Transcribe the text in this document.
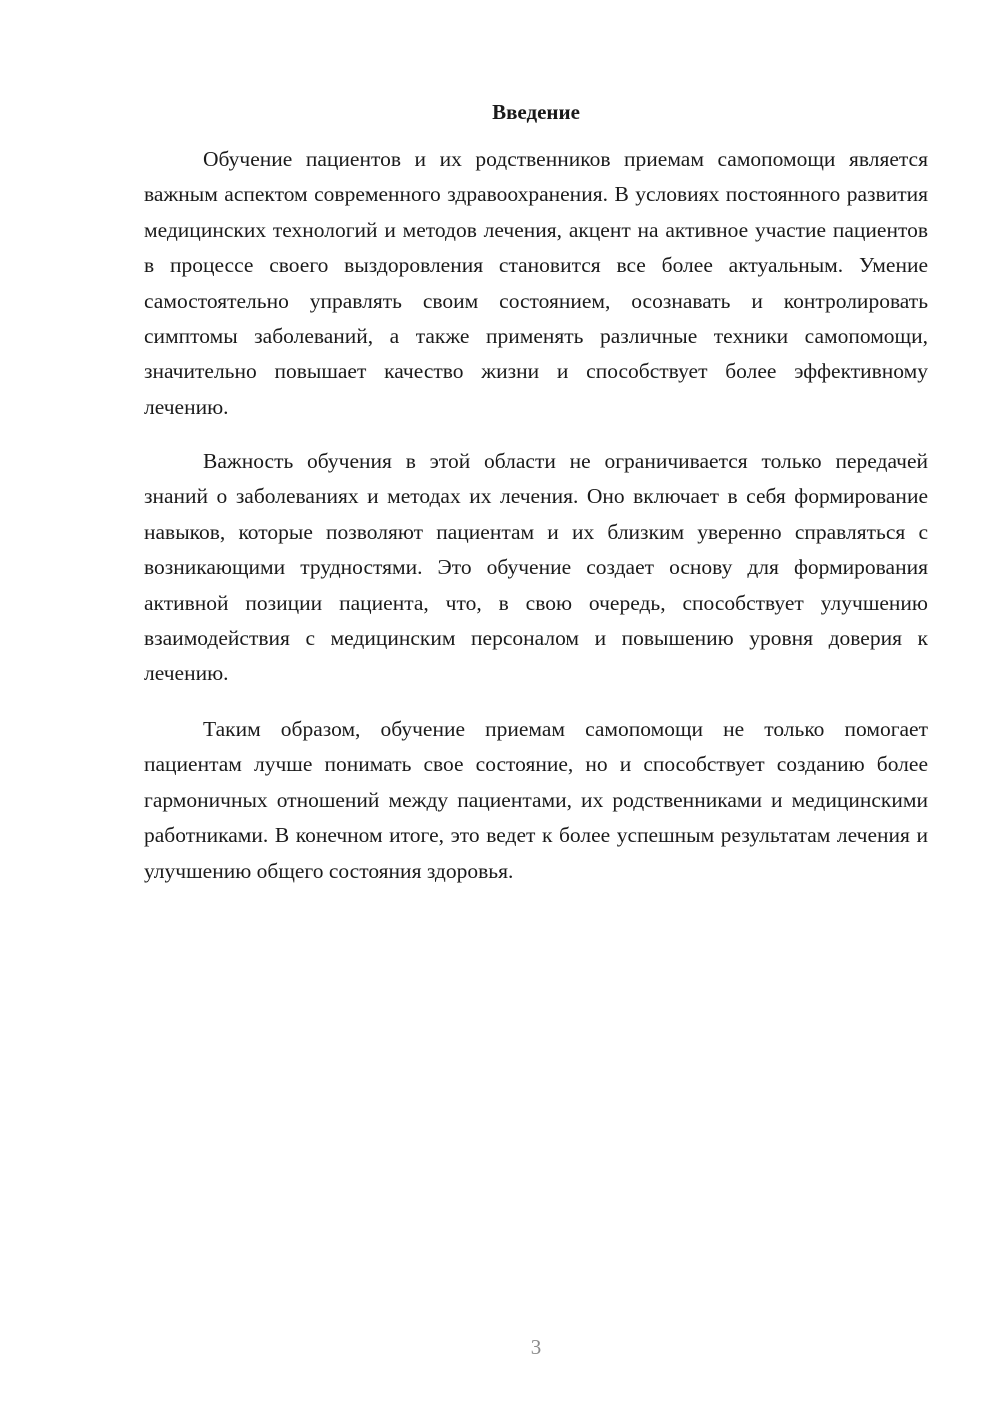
Введение

Обучение пациентов и их родственников приемам самопомощи является важным аспектом современного здравоохранения. В условиях постоянного развития медицинских технологий и методов лечения, акцент на активное участие пациентов в процессе своего выздоровления становится все более актуальным. Умение самостоятельно управлять своим состоянием, осознавать и контролировать симптомы заболеваний, а также применять различные техники самопомощи, значительно повышает качество жизни и способствует более эффективному лечению.

Важность обучения в этой области не ограничивается только передачей знаний о заболеваниях и методах их лечения. Оно включает в себя формирование навыков, которые позволяют пациентам и их близким уверенно справляться с возникающими трудностями. Это обучение создает основу для формирования активной позиции пациента, что, в свою очередь, способствует улучшению взаимодействия с медицинским персоналом и повышению уровня доверия к лечению.

Таким образом, обучение приемам самопомощи не только помогает пациентам лучше понимать свое состояние, но и способствует созданию более гармоничных отношений между пациентами, их родственниками и медицинскими работниками. В конечном итоге, это ведет к более успешным результатам лечения и улучшению общего состояния здоровья.

3
